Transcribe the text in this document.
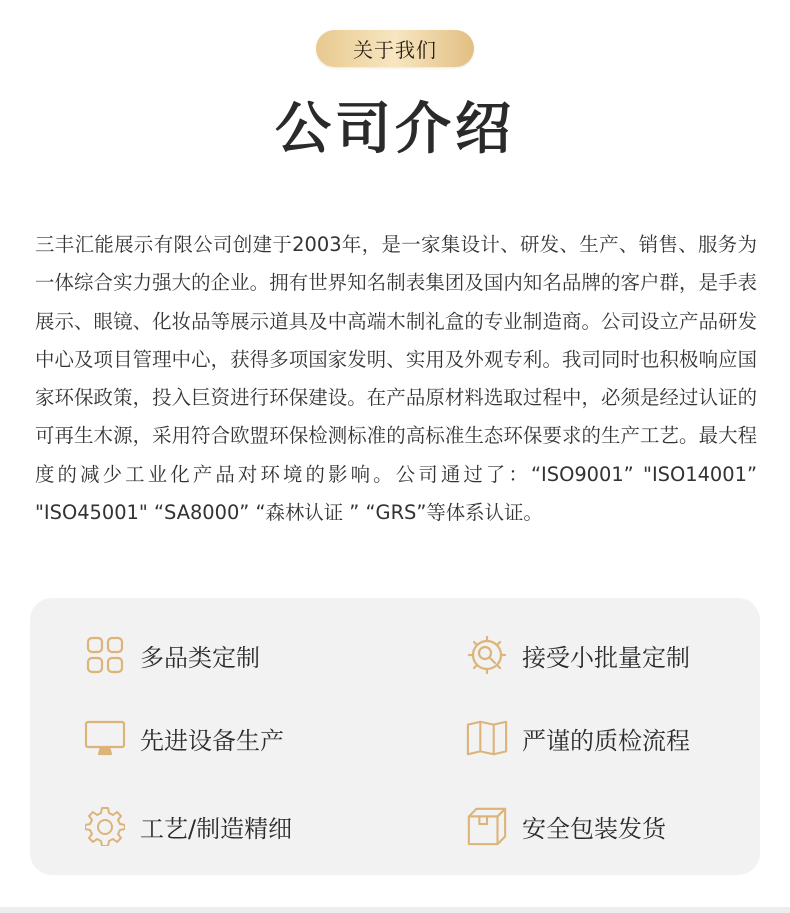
关于我们
公司介绍

三丰汇能展示有限公司创建于2003年，是一家集设计、研发、生产、销售、服务为一体综合实力强大的企业。拥有世界知名制表集团及国内知名品牌的客户群，是手表展示、眼镜、化妆品等展示道具及中高端木制礼盒的专业制造商。公司设立产品研发中心及项目管理中心，获得多项国家发明、实用及外观专利。我司同时也积极响应国家环保政策，投入巨资进行环保建设。在产品原材料选取过程中，必须是经过认证的可再生木源，采用符合欧盟环保检测标准的高标准生态环保要求的生产工艺。最大程度的减少工业化产品对环境的影响。公司通过了：“ISO9001” "ISO14001” "ISO45001" “SA8000” “森林认证 ” “GRS”等体系认证。

多品类定制	接受小批量定制
先进设备生产	严谨的质检流程
工艺/制造精细	安全包装发货
